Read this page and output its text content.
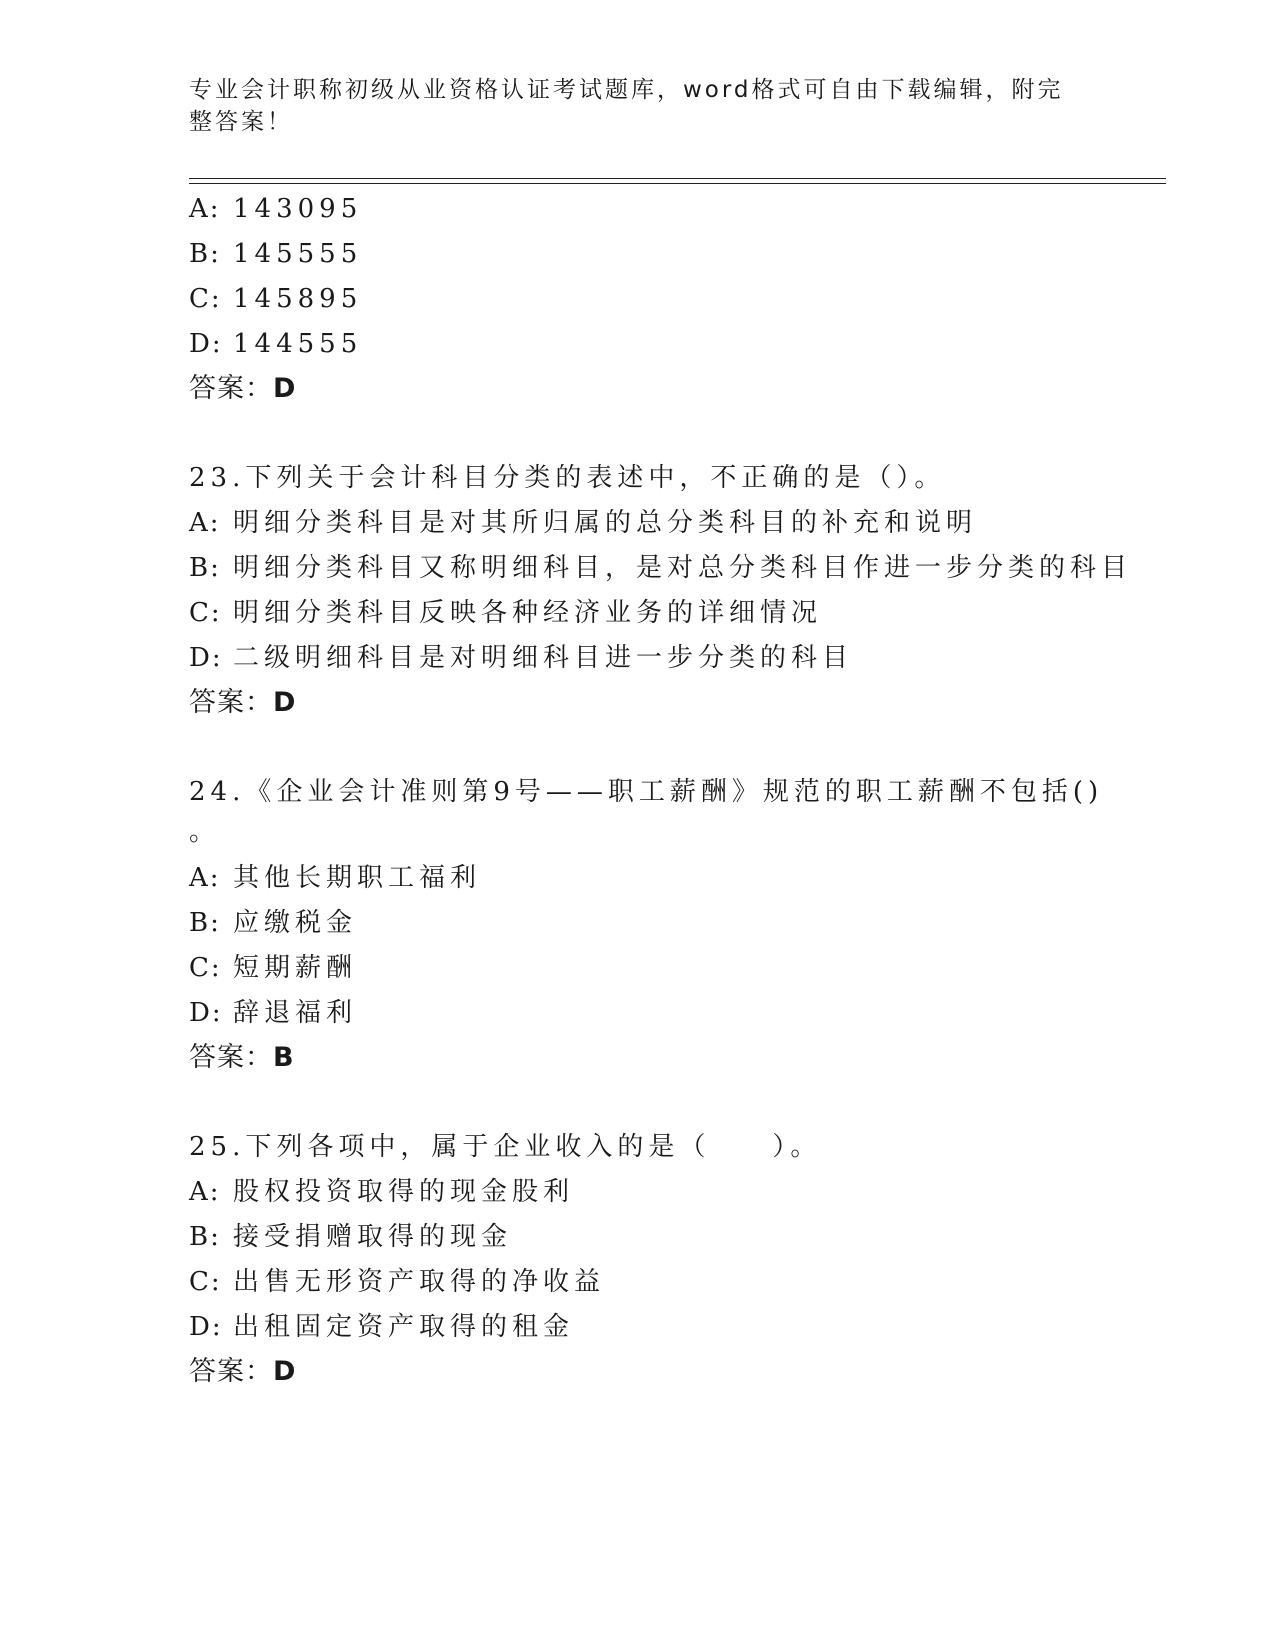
专业会计职称初级从业资格认证考试题库，word格式可自由下载编辑，附完整答案！
A: 143095
B: 145555
C: 145895
D: 144555
答案：D
23.下列关于会计科目分类的表述中，不正确的是（）。
A: 明细分类科目是对其所归属的总分类科目的补充和说明
B: 明细分类科目又称明细科目，是对总分类科目作进一步分类的科目
C: 明细分类科目反映各种经济业务的详细情况
D: 二级明细科目是对明细科目进一步分类的科目
答案：D
24.《企业会计准则第9号——职工薪酬》规范的职工薪酬不包括()
。
A: 其他长期职工福利
B: 应缴税金
C: 短期薪酬
D: 辞退福利
答案：B
25.下列各项中，属于企业收入的是（　　）。
A: 股权投资取得的现金股利
B: 接受捐赠取得的现金
C: 出售无形资产取得的净收益
D: 出租固定资产取得的租金
答案：D
